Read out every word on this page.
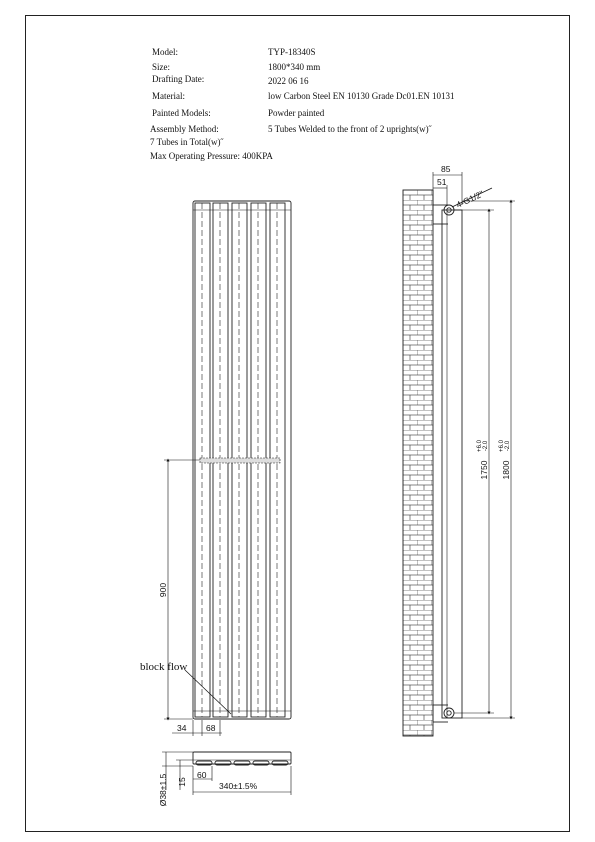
Model:	TYP-18340S
Size:	1800*340 mm
Drafting Date:	2022 06 16
Material:	low Carbon Steel EN 10130 Grade Dc01.EN 10131
Painted Models:	Powder painted
Assembly Method:	5 Tubes Welded to the front of 2 uprights(w)˝
7 Tubes in Total(w)˝
Max Operating Pressure: 400KPA
900
block flow
34 68
85
51
4-G1/2"
1750
+6.0 -2.0
1800
+6.0 -2.0
Ø38±1.5 15
60
340±1.5%
